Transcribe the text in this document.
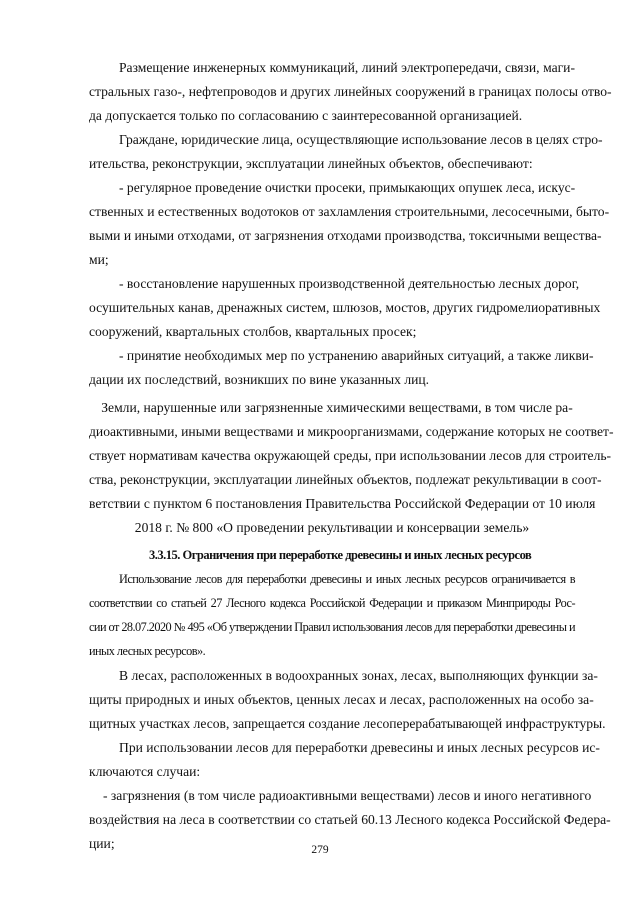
Размещение инженерных коммуникаций, линий электропередачи, связи, маги-
стральных газо-, нефтепроводов и других линейных сооружений в границах полосы отво-
да допускается только по согласованию с заинтересованной организацией.
Граждане, юридические лица, осуществляющие использование лесов в целях стро-
ительства, реконструкции, эксплуатации линейных объектов, обеспечивают:
- регулярное проведение очистки просеки, примыкающих опушек леса, искус-
ственных и естественных водотоков от захламления строительными, лесосечными, быто-
выми и иными отходами, от загрязнения отходами производства, токсичными вещества-
ми;
- восстановление нарушенных производственной деятельностью лесных дорог,
осушительных канав, дренажных систем, шлюзов, мостов, других гидромелиоративных
сооружений, квартальных столбов, квартальных просек;
- принятие необходимых мер по устранению аварийных ситуаций, а также ликви-
дации их последствий, возникших по вине указанных лиц.
Земли, нарушенные или загрязненные химическими веществами, в том числе ра-
диоактивными, иными веществами и микроорганизмами, содержание которых не соответ-
ствует нормативам качества окружающей среды, при использовании лесов для строитель-
ства, реконструкции, эксплуатации линейных объектов, подлежат рекультивации в соот-
ветствии с пунктом 6 постановления Правительства Российской Федерации от 10 июля
2018 г. № 800 «О проведении рекультивации и консервации земель»
3.3.15. Ограничения при переработке древесины и иных лесных ресурсов
Использование лесов для переработки древесины и иных лесных ресурсов ограничивается в
соответствии со статьей 27 Лесного кодекса Российской Федерации и приказом Минприроды Рос-
сии от 28.07.2020 № 495 «Об утверждении Правил использования лесов для переработки древесины и
иных лесных ресурсов».
В лесах, расположенных в водоохранных зонах, лесах, выполняющих функции за-
щиты природных и иных объектов, ценных лесах и лесах, расположенных на особо за-
щитных участках лесов, запрещается создание лесоперерабатывающей инфраструктуры.
При использовании лесов для переработки древесины и иных лесных ресурсов ис-
ключаются случаи:
- загрязнения (в том числе радиоактивными веществами) лесов и иного негативного
воздействия на леса в соответствии со статьей 60.13 Лесного кодекса Российской Федера-
ции;	279
